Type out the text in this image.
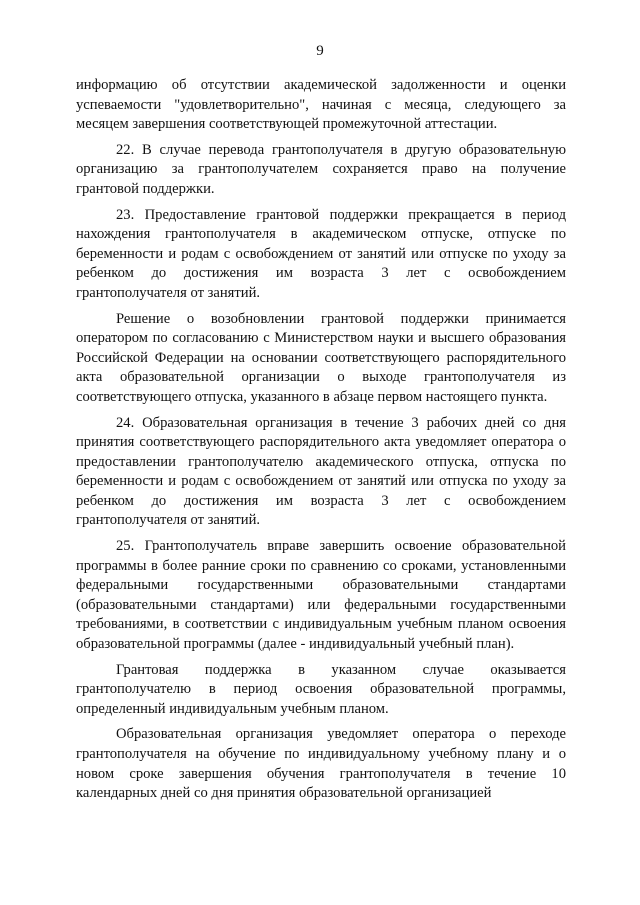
9

информацию об отсутствии академической задолженности и оценки успеваемости "удовлетворительно", начиная с месяца, следующего за месяцем завершения соответствующей промежуточной аттестации.

22. В случае перевода грантополучателя в другую образовательную организацию за грантополучателем сохраняется право на получение грантовой поддержки.

23. Предоставление грантовой поддержки прекращается в период нахождения грантополучателя в академическом отпуске, отпуске по беременности и родам с освобождением от занятий или отпуске по уходу за ребенком до достижения им возраста 3 лет с освобождением грантополучателя от занятий.

Решение о возобновлении грантовой поддержки принимается оператором по согласованию с Министерством науки и высшего образования Российской Федерации на основании соответствующего распорядительного акта образовательной организации о выходе грантополучателя из соответствующего отпуска, указанного в абзаце первом настоящего пункта.

24. Образовательная организация в течение 3 рабочих дней со дня принятия соответствующего распорядительного акта уведомляет оператора о предоставлении грантополучателю академического отпуска, отпуска по беременности и родам с освобождением от занятий или отпуска по уходу за ребенком до достижения им возраста 3 лет с освобождением грантополучателя от занятий.

25. Грантополучатель вправе завершить освоение образовательной программы в более ранние сроки по сравнению со сроками, установленными федеральными государственными образовательными стандартами (образовательными стандартами) или федеральными государственными требованиями, в соответствии с индивидуальным учебным планом освоения образовательной программы (далее - индивидуальный учебный план).

Грантовая поддержка в указанном случае оказывается грантополучателю в период освоения образовательной программы, определенный индивидуальным учебным планом.

Образовательная организация уведомляет оператора о переходе грантополучателя на обучение по индивидуальному учебному плану и о новом сроке завершения обучения грантополучателя в течение 10 календарных дней со дня принятия образовательной организацией
